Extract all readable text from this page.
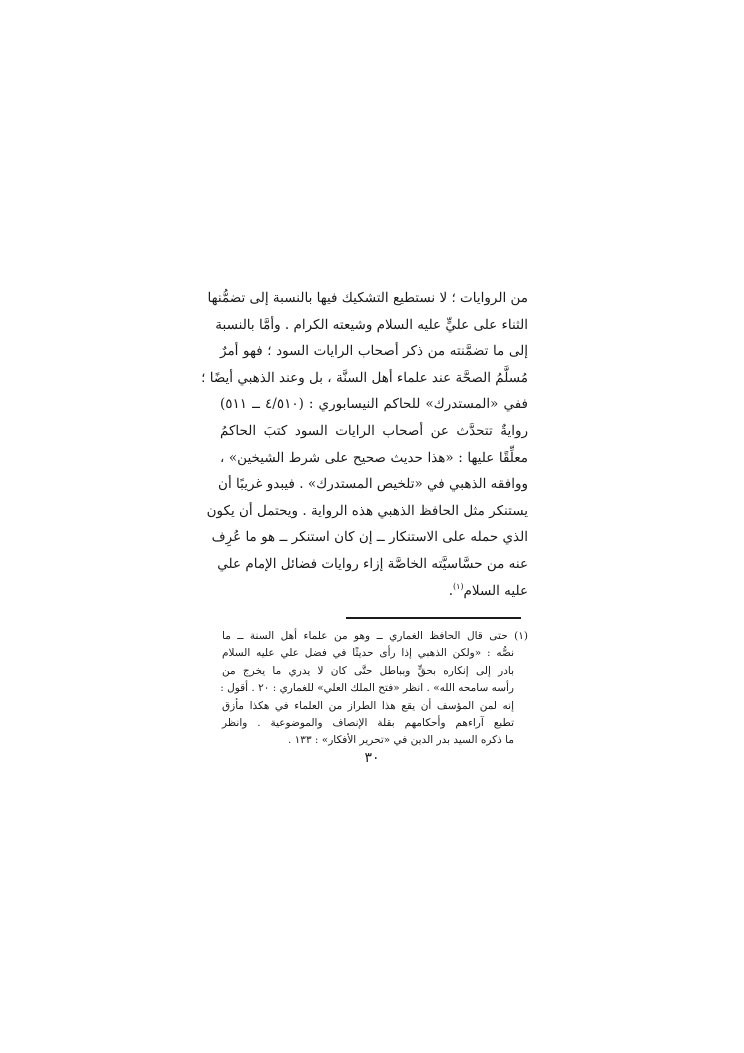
من الروايات ؛ لا نستطيع التشكيك فيها بالنسبة إلى تضمُّنها
الثناء على عليٍّ عليه السلام وشيعته الكرام . وأمَّا بالنسبة
إلى ما تضمَّنته من ذكر أصحاب الرايات السود ؛ فهو أمرٌ
مُسلَّمُ الصحَّة عند علماء أهل السنَّة ، بل وعند الذهبي أيضًا ؛
ففي «المستدرك» للحاكم النيسابوري : (٤/٥١٠ ــ ٥١١)
روايةٌ تتحدَّث عن أصحاب الرايات السود كتبَ الحاكمُ
معلِّقًا عليها : «هذا حديث صحيح على شرط الشيخين» ،
ووافقه الذهبي في «تلخيص المستدرك» . فيبدو غريبًا أن
يستنكر مثل الحافظ الذهبي هذه الرواية . ويحتمل أن يكون
الذي حمله على الاستنكار ــ إن كان استنكر ــ هو ما عُرِف
عنه من حسَّاسيَّته الخاصَّة إزاء روايات فضائل الإمام علي
عليه السلام$^{(١)}$.
(١) حتى قال الحافظ الغماري ــ وهو من علماء أهل السنة ــ ما
نصُّه : «ولكن الذهبي إذا رأى حديثًا في فضل علي عليه السلام
بادر إلى إنكاره بحقٍّ وبباطل حتَّى كان لا يدري ما يخرج من
رأسه سامحه الله» . انظر «فتح الملك العلي» للغماري : ٢٠ . أقول :
إنه لمن المؤسف أن يقع هذا الطراز من العلماء في هكذا مأزق
تطبع آراءهم وأحكامهم بقلة الإنصاف والموضوعية . وانظر
ما ذكره السيد بدر الدين في «تحرير الأفكار» : ١٣٣ .
٣٠
